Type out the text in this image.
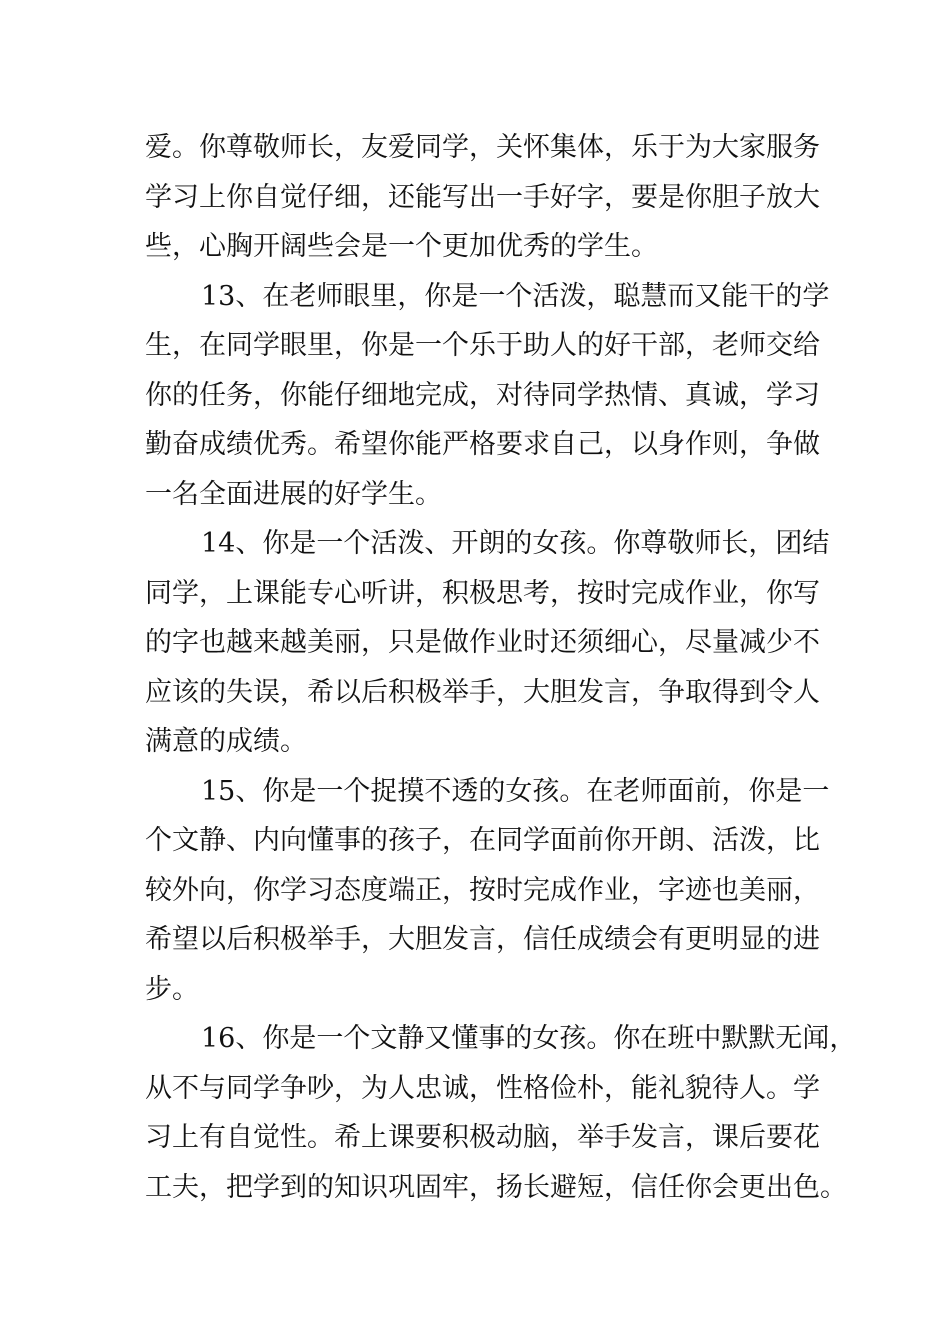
爱。你尊敬师长，友爱同学，关怀集体，乐于为大家服务
学习上你自觉仔细，还能写出一手好字，要是你胆子放大
些，心胸开阔些会是一个更加优秀的学生。
13、在老师眼里，你是一个活泼，聪慧而又能干的学
生，在同学眼里，你是一个乐于助人的好干部，老师交给
你的任务，你能仔细地完成，对待同学热情、真诚，学习
勤奋成绩优秀。希望你能严格要求自己，以身作则，争做
一名全面进展的好学生。
14、你是一个活泼、开朗的女孩。你尊敬师长，团结
同学，上课能专心听讲，积极思考，按时完成作业，你写
的字也越来越美丽，只是做作业时还须细心，尽量减少不
应该的失误，希以后积极举手，大胆发言，争取得到令人
满意的成绩。
15、你是一个捉摸不透的女孩。在老师面前，你是一
个文静、内向懂事的孩子，在同学面前你开朗、活泼，比
较外向，你学习态度端正，按时完成作业，字迹也美丽，
希望以后积极举手，大胆发言，信任成绩会有更明显的进
步。
16、你是一个文静又懂事的女孩。你在班中默默无闻，
从不与同学争吵，为人忠诚，性格俭朴，能礼貌待人。学
习上有自觉性。希上课要积极动脑，举手发言，课后要花
工夫，把学到的知识巩固牢，扬长避短，信任你会更出色。
